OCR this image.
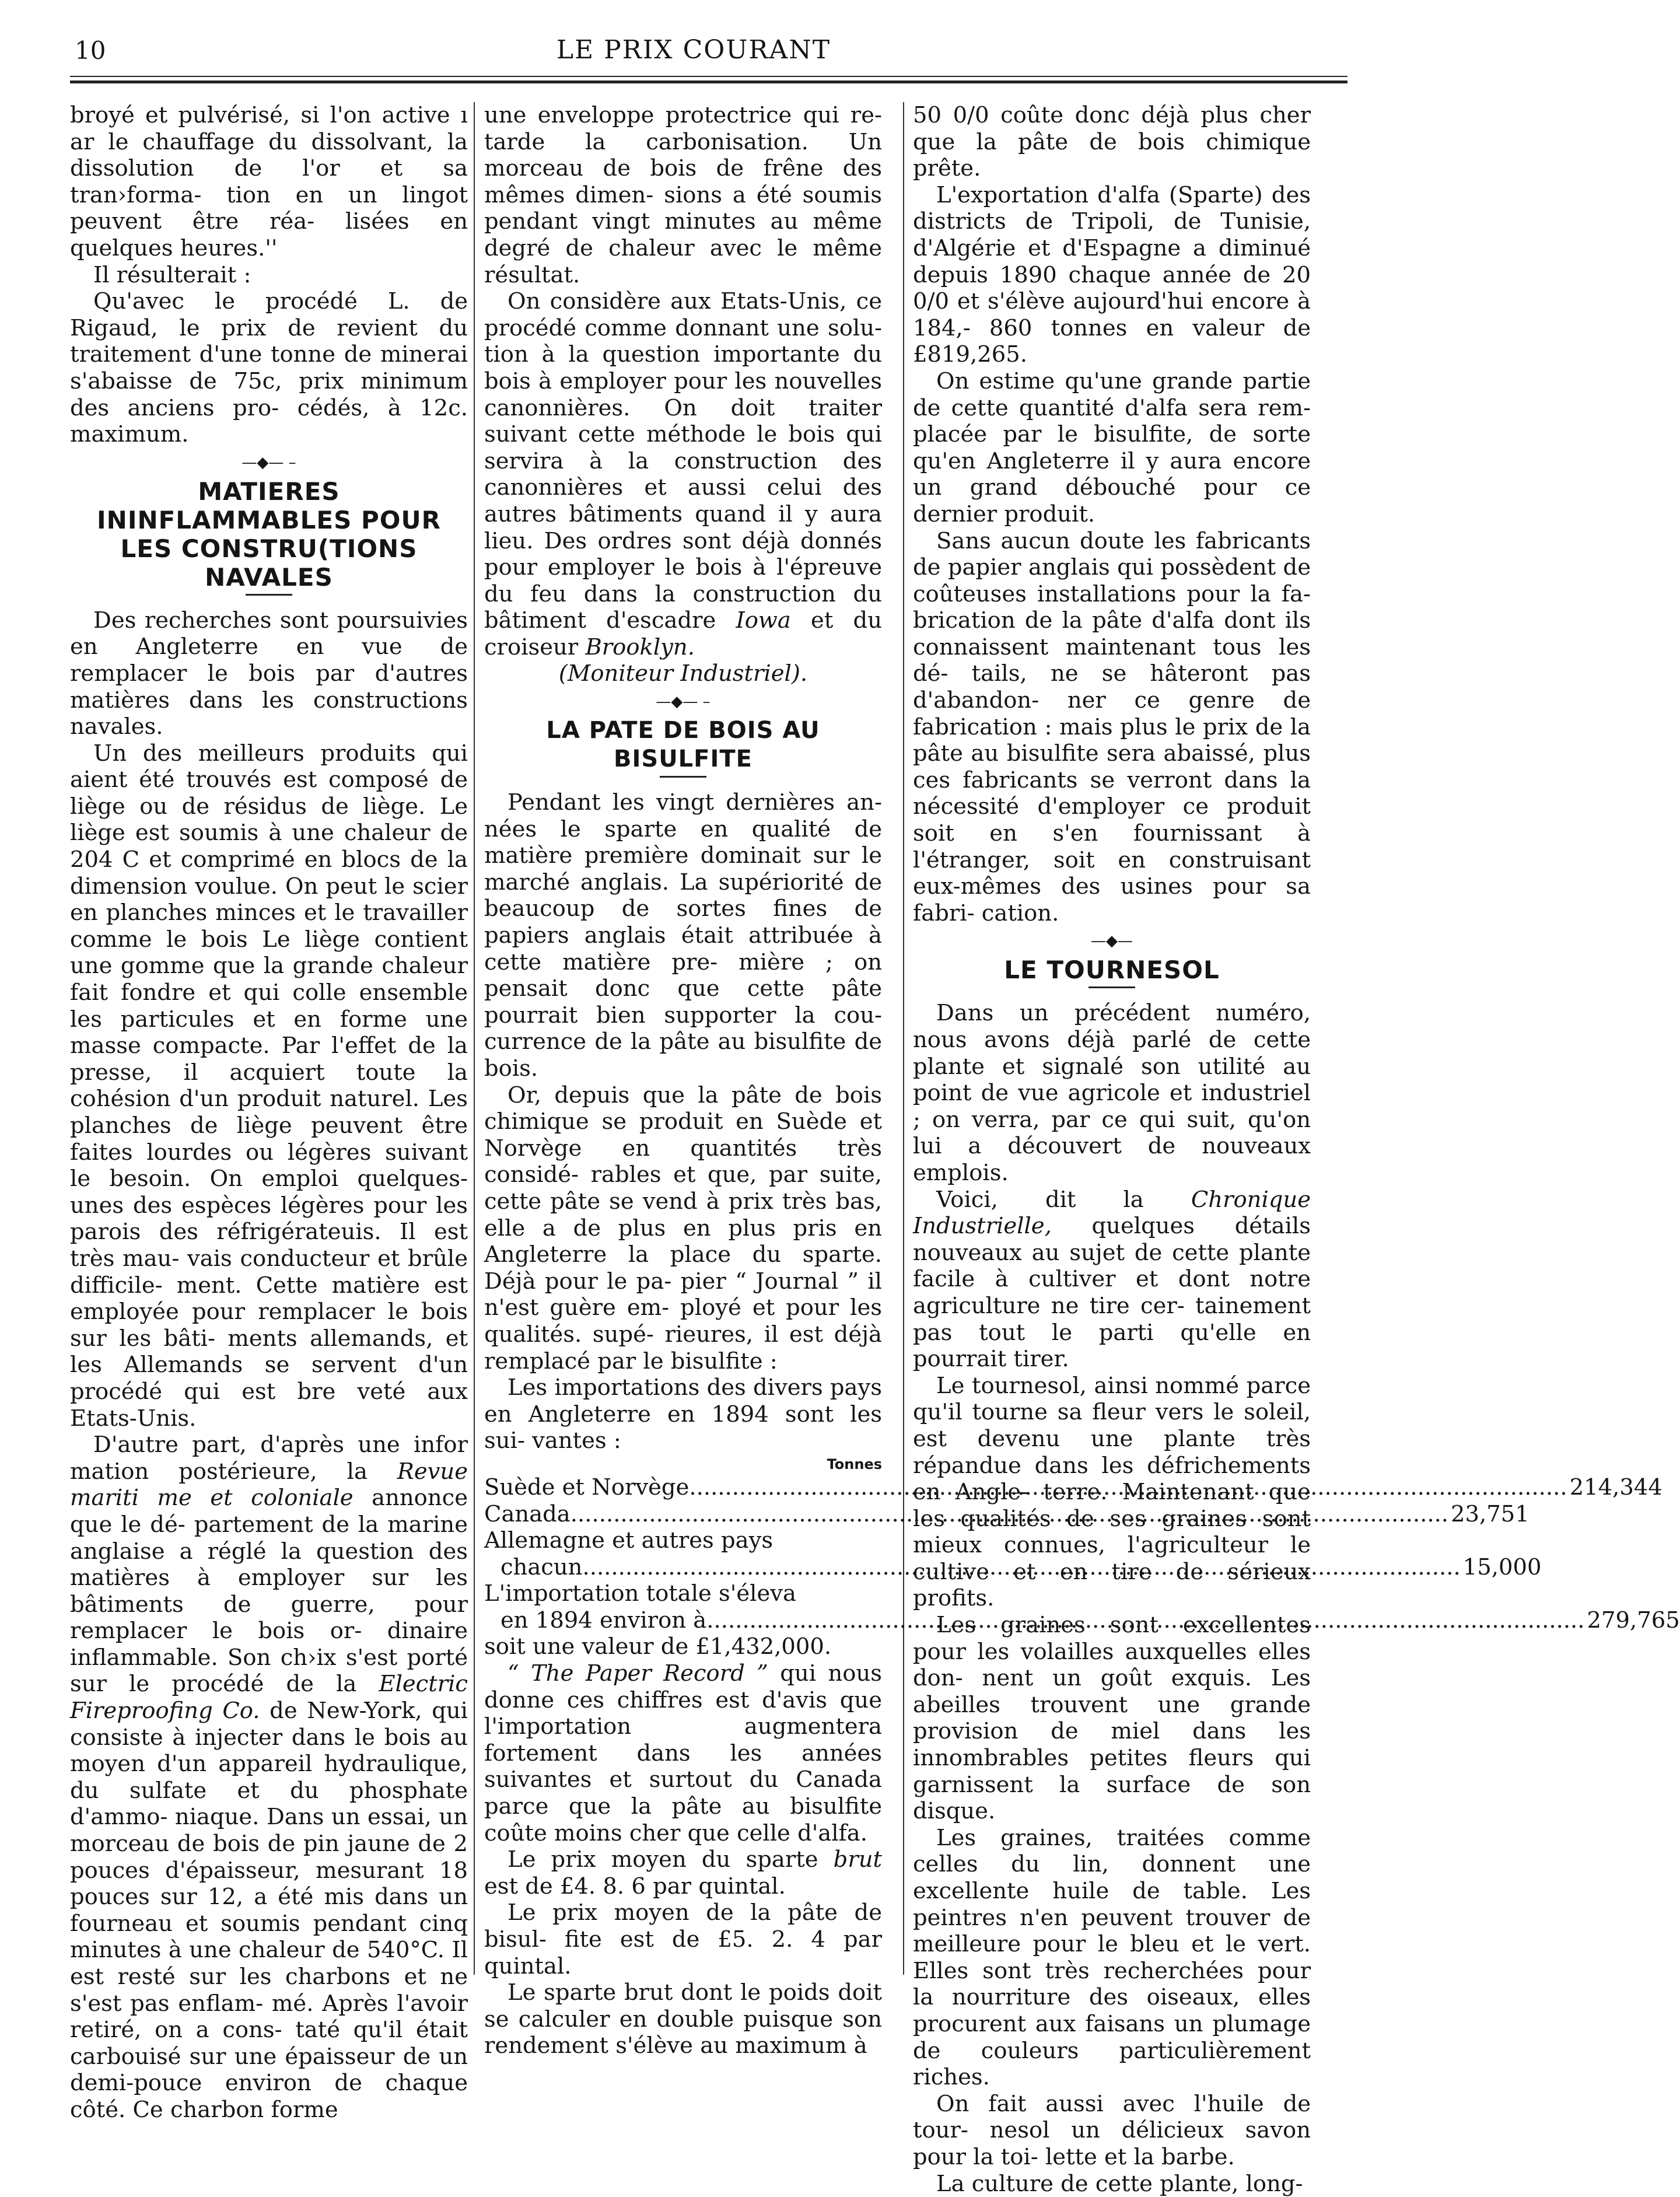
10	LE PRIX COURANT

broyé et pulvérisé, si l'on active ı ar le chauffage du dissolvant, la dissolution de l'or et sa tran›forma- tion en un lingot peuvent être réa- lisées en quelques heures.''

Il résulterait :

Qu'avec le procédé L. de Rigaud, le prix de revient du traitement d'une tonne de minerai s'abaisse de 75c, prix minimum des anciens pro- cédés, à 12c. maximum.

—◆— –
MATIERES ININFLAMMABLES POUR LES CONSTRU(TIONS NAVALES

Des recherches sont poursuivies en Angleterre en vue de remplacer le bois par d'autres matières dans les constructions navales.

Un des meilleurs produits qui aient été trouvés est composé de liège ou de résidus de liège. Le liège est soumis à une chaleur de 204 C et comprimé en blocs de la dimension voulue. On peut le scier en planches minces et le travailler comme le bois Le liège contient une gomme que la grande chaleur fait fondre et qui colle ensemble les particules et en forme une masse compacte. Par l'effet de la presse, il acquiert toute la cohésion d'un produit naturel. Les planches de liège peuvent être faites lourdes ou légères suivant le besoin. On emploi quelques-unes des espèces légères pour les parois des réfrigérateuis. Il est très mau- vais conducteur et brûle difficile- ment. Cette matière est employée pour remplacer le bois sur les bâti- ments allemands, et les Allemands se servent d'un procédé qui est bre veté aux Etats-Unis.

D'autre part, d'après une infor mation postérieure, la Revue mariti me et coloniale annonce que le dé- partement de la marine anglaise a réglé la question des matières à employer sur les bâtiments de guerre, pour remplacer le bois or- dinaire inflammable. Son ch›ix s'est porté sur le procédé de la Electric Fireproofing Co. de New-York, qui consiste à injecter dans le bois au moyen d'un appareil hydraulique, du sulfate et du phosphate d'ammo- niaque. Dans un essai, un morceau de bois de pin jaune de 2 pouces d'épaisseur, mesurant 18 pouces sur 12, a été mis dans un fourneau et soumis pendant cinq minutes à une chaleur de 540°C. Il est resté sur les charbons et ne s'est pas enflam- mé. Après l'avoir retiré, on a cons- taté qu'il était carbouisé sur une épaisseur de un demi-pouce environ de chaque côté. Ce charbon forme

une enveloppe protectrice qui re- tarde la carbonisation. Un morceau de bois de frêne des mêmes dimen- sions a été soumis pendant vingt minutes au même degré de chaleur avec le même résultat.

On considère aux Etats-Unis, ce procédé comme donnant une solu- tion à la question importante du bois à employer pour les nouvelles canonnières. On doit traiter suivant cette méthode le bois qui servira à la construction des canonnières et aussi celui des autres bâtiments quand il y aura lieu. Des ordres sont déjà donnés pour employer le bois à l'épreuve du feu dans la construction du bâtiment d'escadre Iowa et du croiseur Brooklyn.

(Moniteur Industriel).

—◆— –
LA PATE DE BOIS AU BISULFITE

Pendant les vingt dernières an- nées le sparte en qualité de matière première dominait sur le marché anglais. La supériorité de beaucoup de sortes fines de papiers anglais était attribuée à cette matière pre- mière ; on pensait donc que cette pâte pourrait bien supporter la cou- currence de la pâte au bisulfite de bois.

Or, depuis que la pâte de bois chimique se produit en Suède et Norvège en quantités très considé- rables et que, par suite, cette pâte se vend à prix très bas, elle a de plus en plus pris en Angleterre la place du sparte. Déjà pour le pa- pier “ Journal ” il n'est guère em- ployé et pour les qualités. supé- rieures, il est déjà remplacé par le bisulfite :

Les importations des divers pays en Angleterre en 1894 sont les sui- vantes :

Tonnes
Suède et Norvège .....	214,344
Canada .....	23,751
Allemagne et autres pays
chacun .....	15,000
L'importation totale s'éleva
en 1894 environ à .....	279,765

soit une valeur de £1,432,000.

“ The Paper Record ” qui nous donne ces chiffres est d'avis que l'importation augmentera fortement dans les années suivantes et surtout du Canada parce que la pâte au bisulfite coûte moins cher que celle d'alfa.

Le prix moyen du sparte brut est de £4. 8. 6 par quintal.

Le prix moyen de la pâte de bisul- fite est de £5. 2. 4 par quintal.

Le sparte brut dont le poids doit se calculer en double puisque son rendement s'élève au maximum à

50 0/0 coûte donc déjà plus cher que la pâte de bois chimique prête.

L'exportation d'alfa (Sparte) des districts de Tripoli, de Tunisie, d'Algérie et d'Espagne a diminué depuis 1890 chaque année de 20 0/0 et s'élève aujourd'hui encore à 184,- 860 tonnes en valeur de £819,265.

On estime qu'une grande partie de cette quantité d'alfa sera rem- placée par le bisulfite, de sorte qu'en Angleterre il y aura encore un grand débouché pour ce dernier produit.

Sans aucun doute les fabricants de papier anglais qui possèdent de coûteuses installations pour la fa- brication de la pâte d'alfa dont ils connaissent maintenant tous les dé- tails, ne se hâteront pas d'abandon- ner ce genre de fabrication : mais plus le prix de la pâte au bisulfite sera abaissé, plus ces fabricants se verront dans la nécessité d'employer ce produit soit en s'en fournissant à l'étranger, soit en construisant eux-mêmes des usines pour sa fabri- cation.

—◆—
LE TOURNESOL

Dans un précédent numéro, nous avons déjà parlé de cette plante et signalé son utilité au point de vue agricole et industriel ; on verra, par ce qui suit, qu'on lui a découvert de nouveaux emplois.

Voici, dit la Chronique Industrielle, quelques détails nouveaux au sujet de cette plante facile à cultiver et dont notre agriculture ne tire cer- tainement pas tout le parti qu'elle en pourrait tirer.

Le tournesol, ainsi nommé parce qu'il tourne sa fleur vers le soleil, est devenu une plante très répandue dans les défrichements en Angle- terre. Maintenant que les qualités de ses graines sont mieux connues, l'agriculteur le cultive et en tire de sérieux profits.

Les graines sont excellentes pour les volailles auxquelles elles don- nent un goût exquis. Les abeilles trouvent une grande provision de miel dans les innombrables petites fleurs qui garnissent la surface de son disque.

Les graines, traitées comme celles du lin, donnent une excellente huile de table. Les peintres n'en peuvent trouver de meilleure pour le bleu et le vert. Elles sont très recherchées pour la nourriture des oiseaux, elles procurent aux faisans un plumage de couleurs particulièrement riches.

On fait aussi avec l'huile de tour- nesol un délicieux savon pour la toi- lette et la barbe.

La culture de cette plante, long-
